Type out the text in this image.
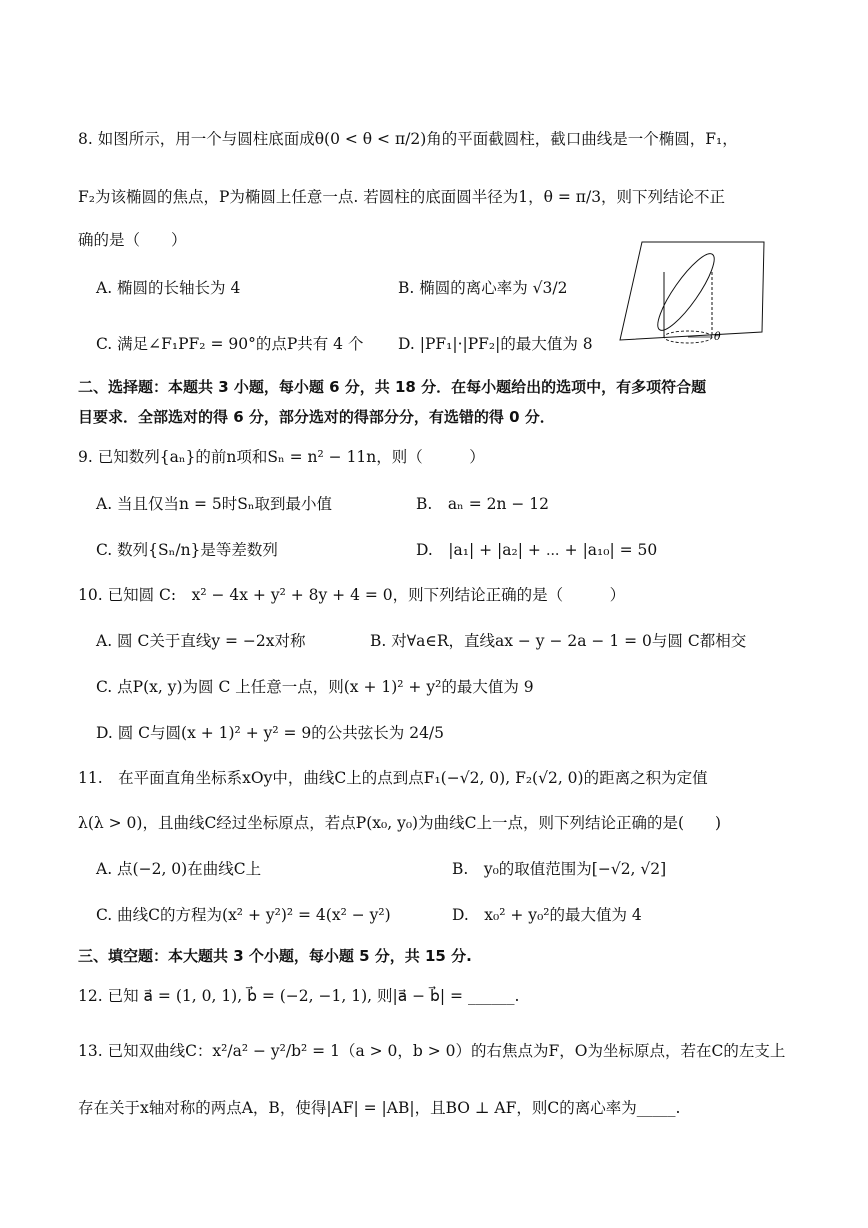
8. 如图所示，用一个与圆柱底面成θ(0 < θ < π/2)角的平面截圆柱，截口曲线是一个椭圆，F₁，
F₂为该椭圆的焦点，P为椭圆上任意一点. 若圆柱的底面圆半径为1，θ = π/3，则下列结论不正
确的是（　　）
A. 椭圆的长轴长为 4	B. 椭圆的离心率为 √3/2
C. 满足∠F₁PF₂ = 90°的点P共有 4 个 D. |PF₁|·|PF₂|的最大值为 8	θ
二、选择题：本题共 3 小题，每小题 6 分，共 18 分．在每小题给出的选项中，有多项符合题
目要求．全部选对的得 6 分，部分选对的得部分分，有选错的得 0 分．
9. 已知数列{aₙ}的前n项和Sₙ = n² − 11n，则（　　　）
A. 当且仅当n = 5时Sₙ取到最小值	B.　aₙ = 2n − 12
C. 数列{Sₙ/n}是等差数列	D.　|a₁| + |a₂| + ⋯ + |a₁₀| = 50
10. 已知圆 C:　x² − 4x + y² + 8y + 4 = 0，则下列结论正确的是（　　　）
A. 圆 C关于直线y = −2x对称	B. 对∀a∈R，直线ax − y − 2a − 1 = 0与圆 C都相交
C. 点P(x, y)为圆 C 上任意一点，则(x + 1)² + y²的最大值为 9
D. 圆 C与圆(x + 1)² + y² = 9的公共弦长为 24/5
11.　在平面直角坐标系xOy中，曲线C上的点到点F₁(−√2, 0), F₂(√2, 0)的距离之积为定值
λ(λ > 0)，且曲线C经过坐标原点，若点P(x₀, y₀)为曲线C上一点，则下列结论正确的是(　　)
A. 点(−2, 0)在曲线C上	B.　y₀的取值范围为[−√2, √2]
C. 曲线C的方程为(x² + y²)² = 4(x² − y²)	D.　x₀² + y₀²的最大值为 4
三、填空题：本大题共 3 个小题，每小题 5 分，共 15 分.
12. 已知 a⃗ = (1, 0, 1), b⃗ = (−2, −1, 1), 则|a⃗ − b⃗| = ______.
13. 已知双曲线C：x²/a² − y²/b² = 1（a > 0，b > 0）的右焦点为F，O为坐标原点，若在C的左支上
存在关于x轴对称的两点A，B，使得|AF| = |AB|，且BO ⊥ AF，则C的离心率为_____.
